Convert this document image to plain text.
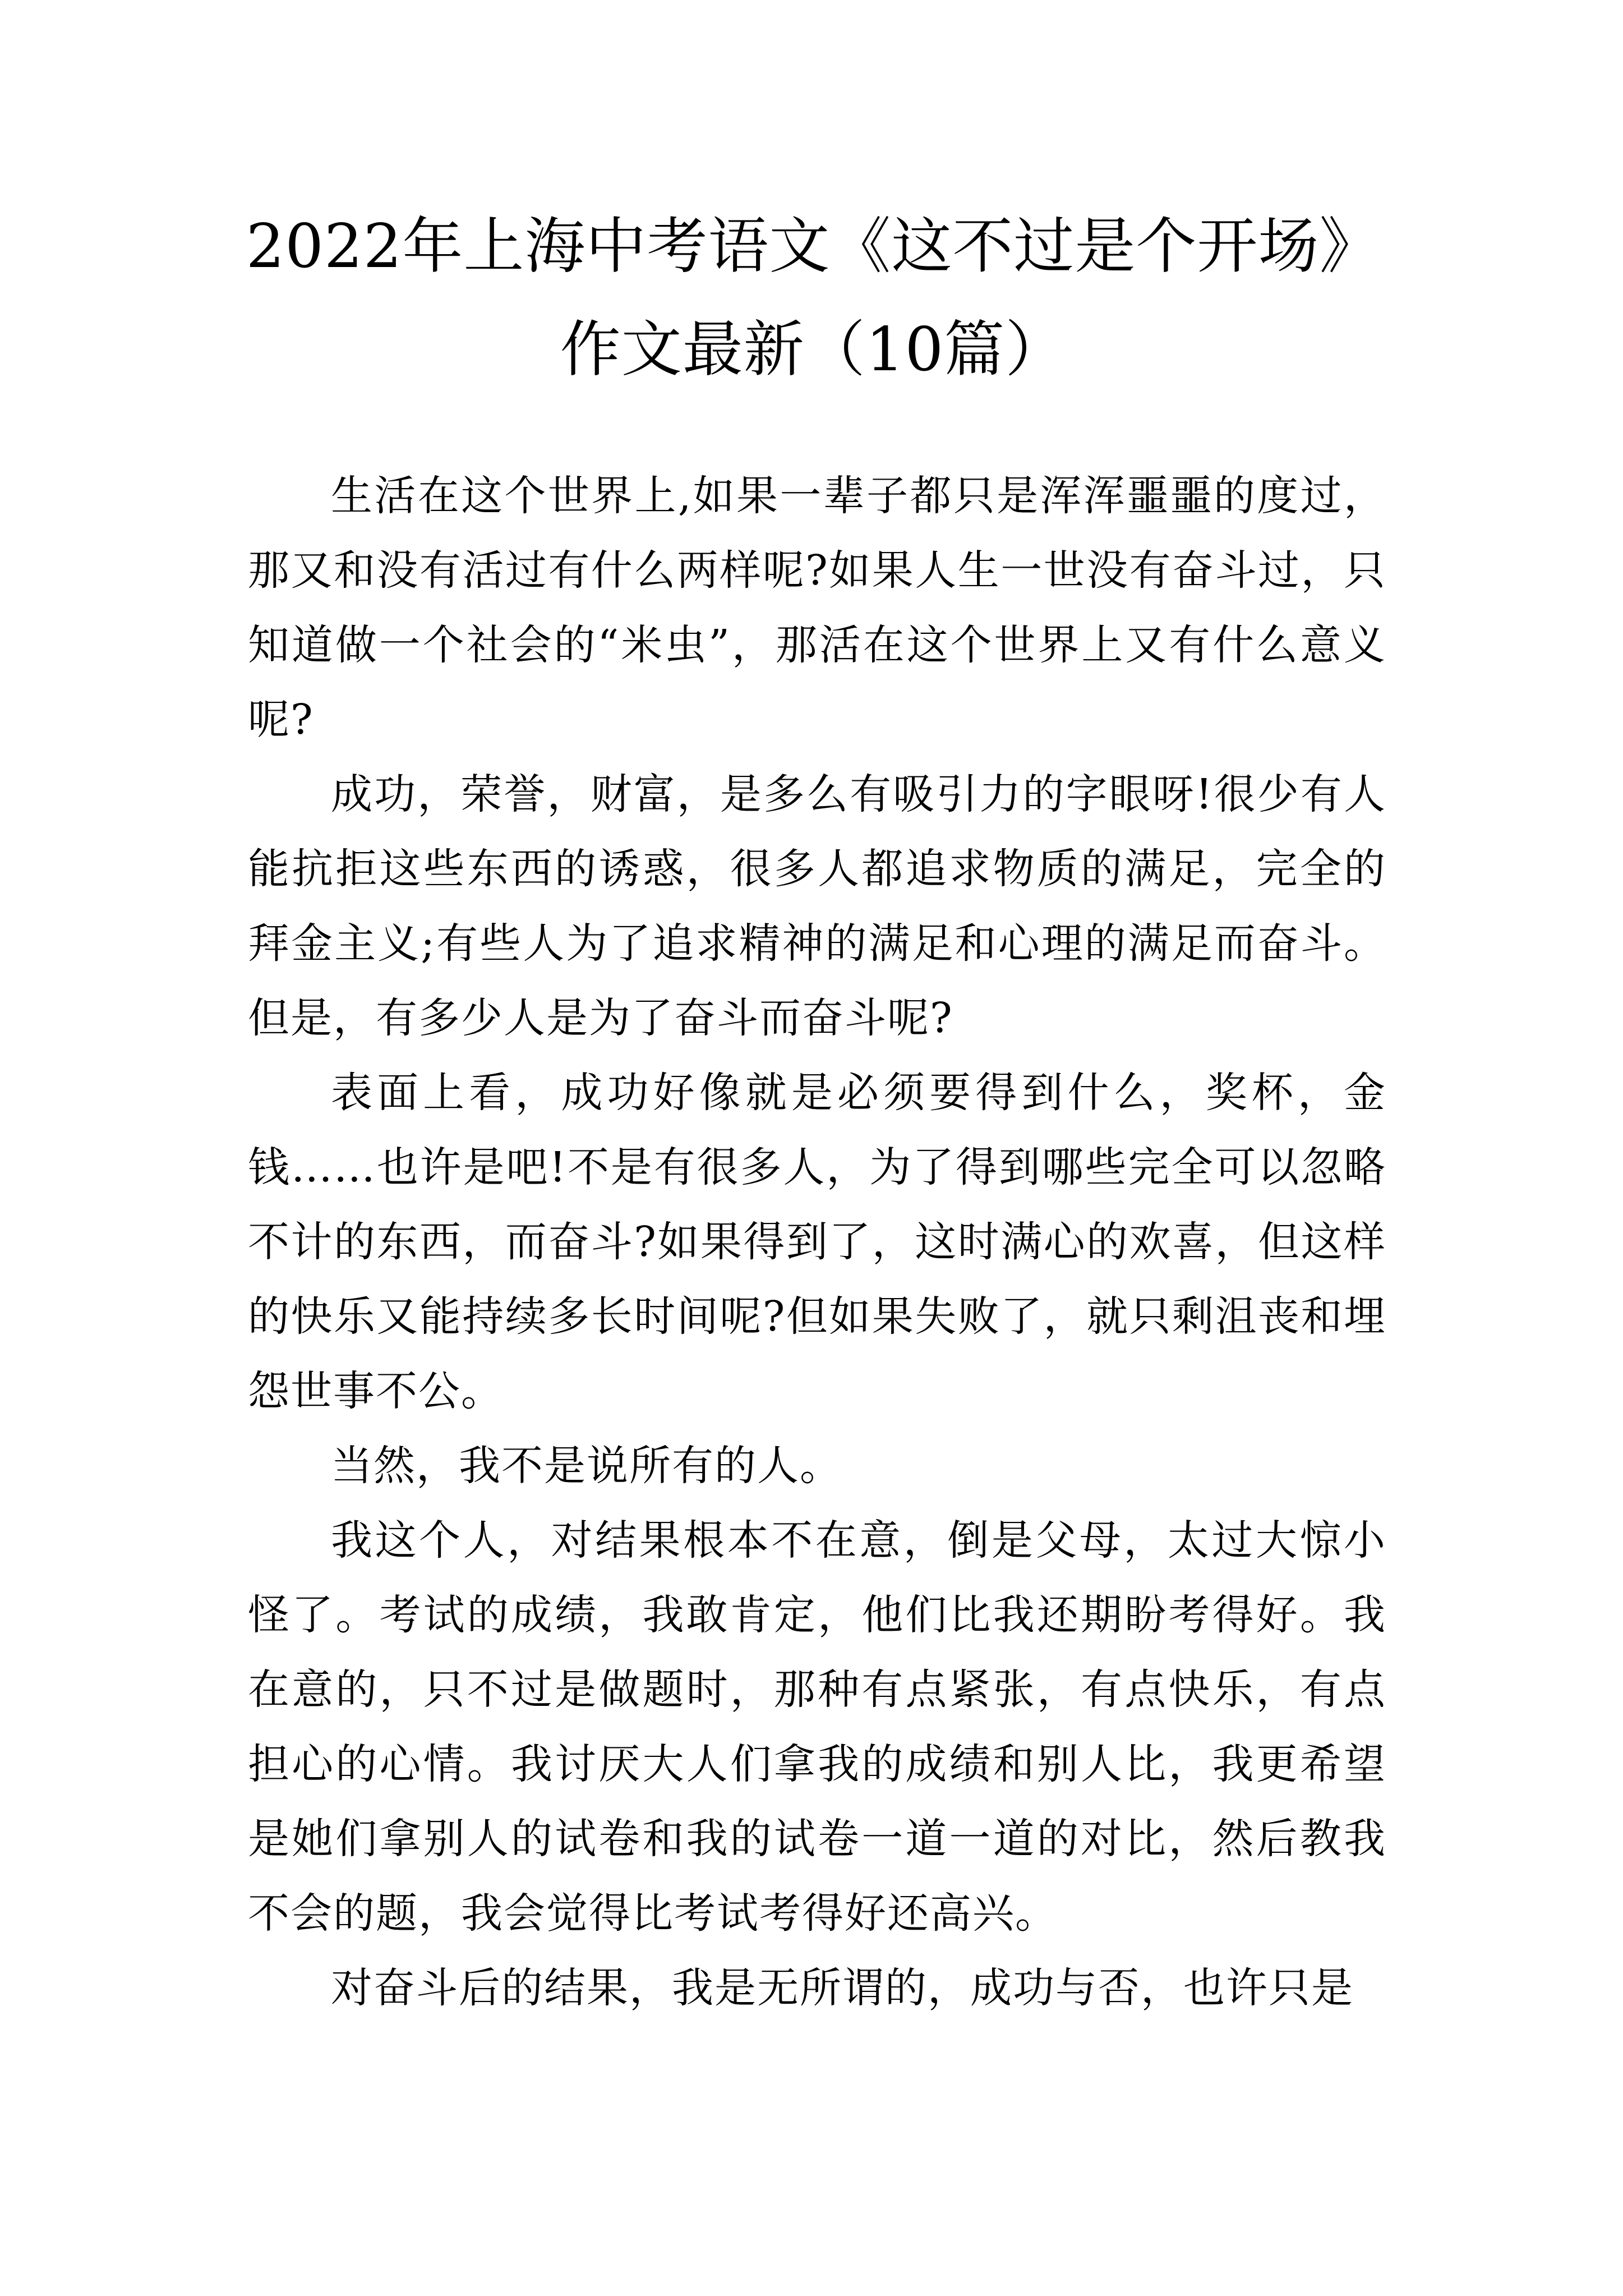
2022年上海中考语文《这不过是个开场》作文最新（10篇）

生活在这个世界上,如果一辈子都只是浑浑噩噩的度过，那又和没有活过有什么两样呢?如果人生一世没有奋斗过，只知道做一个社会的“米虫”，那活在这个世界上又有什么意义呢?

成功，荣誉，财富，是多么有吸引力的字眼呀!很少有人能抗拒这些东西的诱惑，很多人都追求物质的满足，完全的拜金主义;有些人为了追求精神的满足和心理的满足而奋斗。但是，有多少人是为了奋斗而奋斗呢?

表面上看，成功好像就是必须要得到什么，奖杯，金钱……也许是吧!不是有很多人，为了得到哪些完全可以忽略不计的东西，而奋斗?如果得到了，这时满心的欢喜，但这样的快乐又能持续多长时间呢?但如果失败了，就只剩沮丧和埋怨世事不公。

当然，我不是说所有的人。

我这个人，对结果根本不在意，倒是父母，太过大惊小怪了。考试的成绩，我敢肯定，他们比我还期盼考得好。我在意的，只不过是做题时，那种有点紧张，有点快乐，有点担心的心情。我讨厌大人们拿我的成绩和别人比，我更希望是她们拿别人的试卷和我的试卷一道一道的对比，然后教我不会的题，我会觉得比考试考得好还高兴。

对奋斗后的结果，我是无所谓的，成功与否，也许只是
